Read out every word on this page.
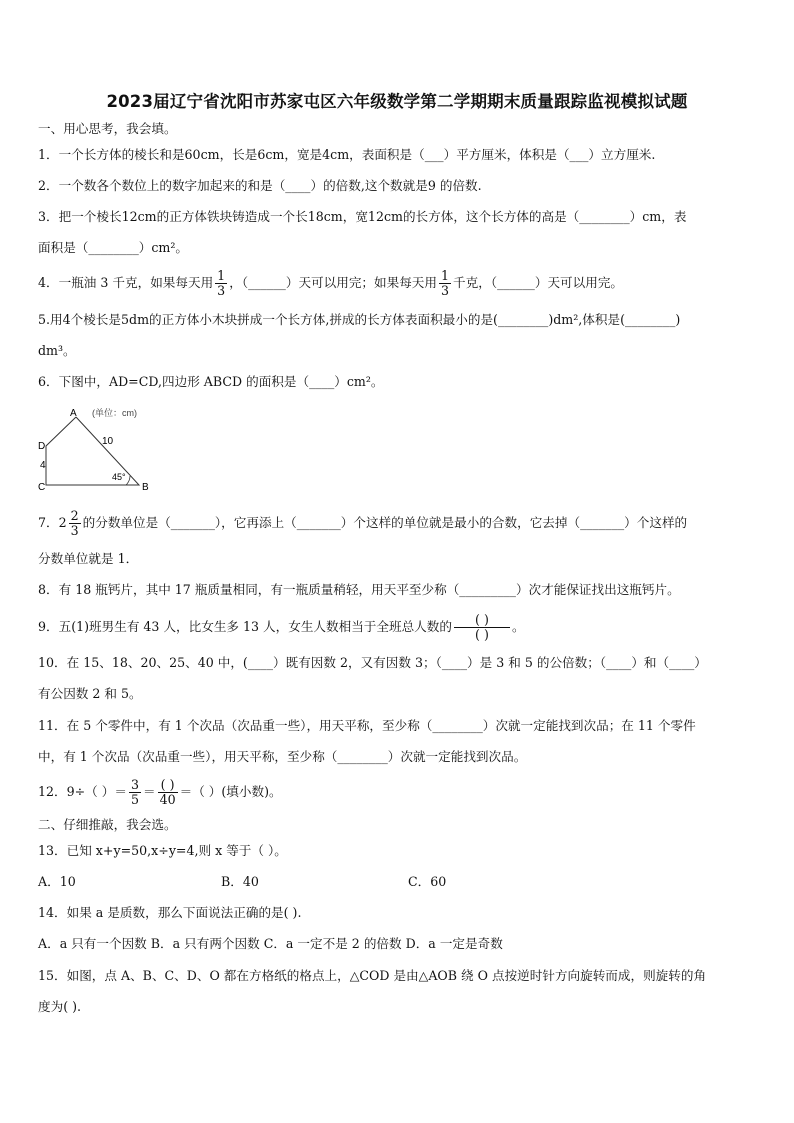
2023届辽宁省沈阳市苏家屯区六年级数学第二学期期末质量跟踪监视模拟试题
一、用心思考，我会填。
1．一个长方体的棱长和是60cm，长是6cm，宽是4cm，表面积是（___）平方厘米，体积是（___）立方厘米.
2．一个数各个数位上的数字加起来的和是（____）的倍数,这个数就是9 的倍数.
3．把一个棱长12cm的正方体铁块铸造成一个长18cm，宽12cm的长方体，这个长方体的高是（________）cm，表
面积是（________）cm²。
4．一瓶油 3 千克，如果每天用 $\frac{1}{3}$ ，（______）天可以用完；如果每天用 $\frac{1}{3}$ 千克，（______）天可以用完。
5.用4个棱长是5dm的正方体小木块拼成一个长方体,拼成的长方体表面积最小的是(________)dm²,体积是(________)
dm³。
6．下图中，AD=CD,四边形 ABCD 的面积是（____）cm²。
A (单位：cm)
D
4
C
10
45°
B
7．$2 \frac{2}{3}$ 的分数单位是（_______），它再添上（_______）个这样的单位就是最小的合数，它去掉（_______）个这样的
分数单位就是 1．
8．有 18 瓶钙片，其中 17 瓶质量相同，有一瓶质量稍轻，用天平至少称（_________）次才能保证找出这瓶钙片。
9．五(1)班男生有 43 人，比女生多 13 人，女生人数相当于全班总人数的 $\frac{( )}{( )}$ 。
10．在 15、18、20、25、40 中，(____）既有因数 2，又有因数 3；（____）是 3 和 5 的公倍数；（____）和（____）
有公因数 2 和 5。
11．在 5 个零件中，有 1 个次品（次品重一些），用天平称，至少称（________）次就一定能找到次品；在 11 个零件
中，有 1 个次品（次品重一些），用天平称，至少称（________）次就一定能找到次品。
12．9÷（ ）＝ $\frac{3}{5} = \frac{( )}{40}$ ＝（ ）(填小数)。
二、仔细推敲，我会选。
13．已知 x+y=50,x÷y=4,则 x 等于（ ）。
A．10	B．40	C．60
14．如果 a 是质数，那么下面说法正确的是( ).
A．a 只有一个因数 B．a 只有两个因数 C．a 一定不是 2 的倍数 D．a 一定是奇数
15．如图，点 A、B、C、D、O 都在方格纸的格点上，△COD 是由△AOB 绕 O 点按逆时针方向旋转而成，则旋转的角
度为( ).
